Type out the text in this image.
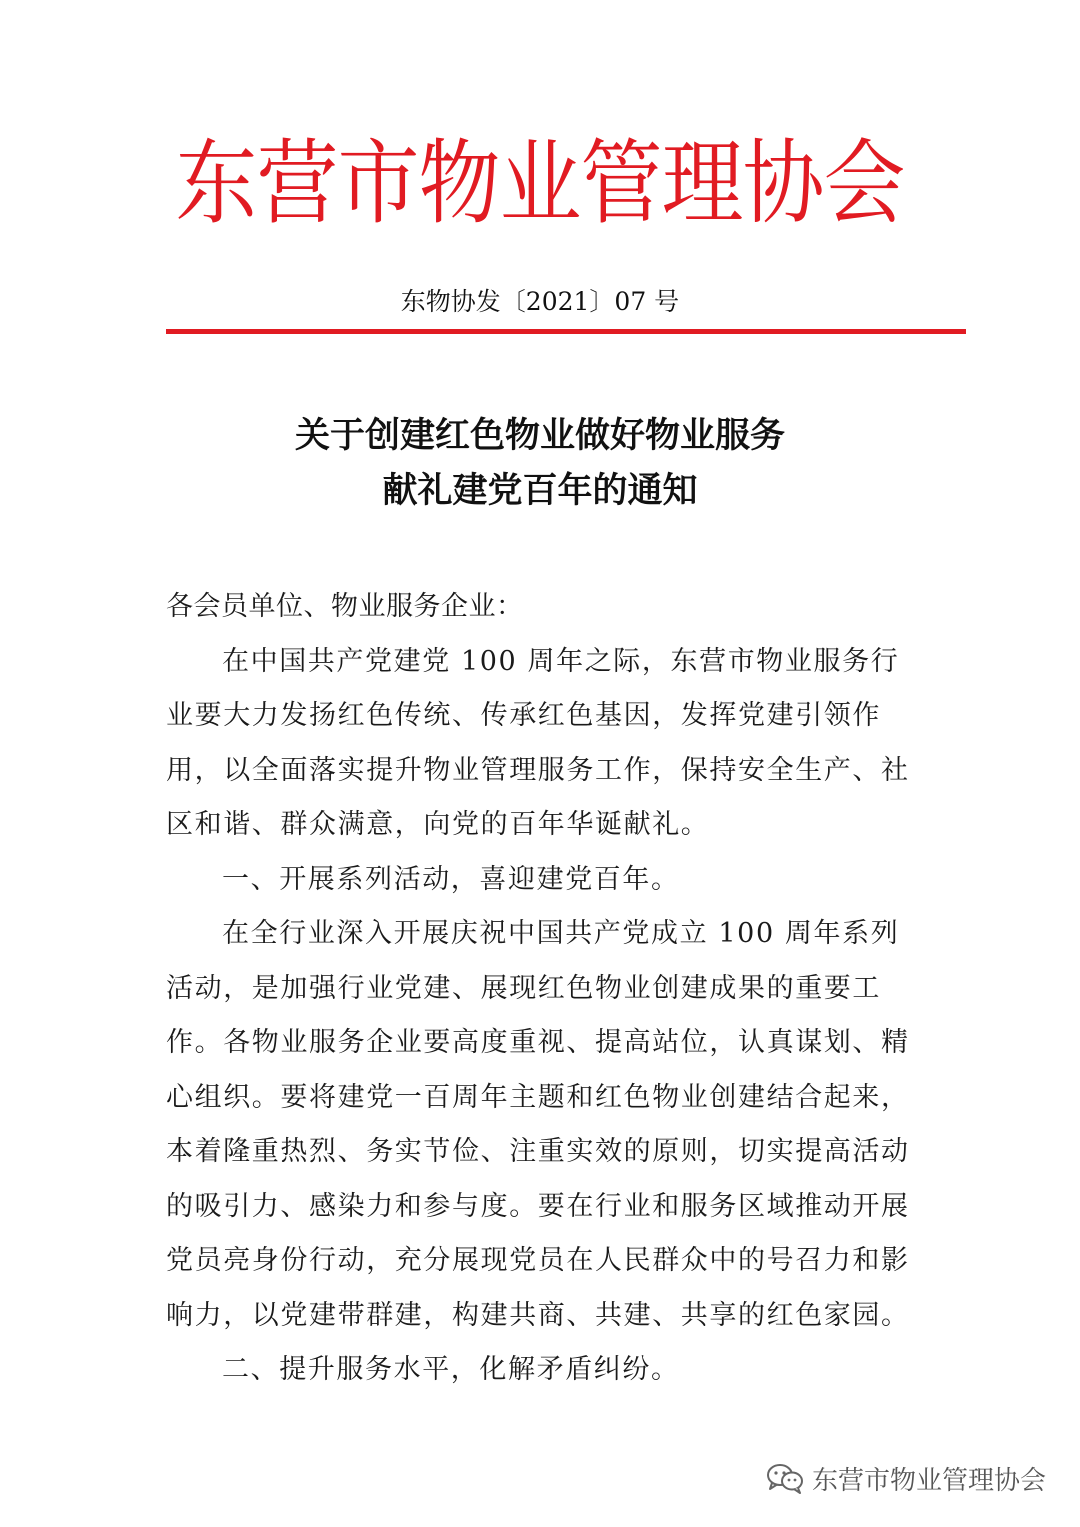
东营市物业管理协会
东物协发〔2021〕07 号
关于创建红色物业做好物业服务
献礼建党百年的通知

各会员单位、物业服务企业：

在中国共产党建党 100 周年之际，东营市物业服务行业要大力发扬红色传统、传承红色基因，发挥党建引领作用，以全面落实提升物业管理服务工作，保持安全生产、社区和谐、群众满意，向党的百年华诞献礼。

一、开展系列活动，喜迎建党百年。

在全行业深入开展庆祝中国共产党成立 100 周年系列活动，是加强行业党建、展现红色物业创建成果的重要工作。各物业服务企业要高度重视、提高站位，认真谋划、精心组织。要将建党一百周年主题和红色物业创建结合起来，本着隆重热烈、务实节俭、注重实效的原则，切实提高活动的吸引力、感染力和参与度。要在行业和服务区域推动开展党员亮身份行动，充分展现党员在人民群众中的号召力和影响力，以党建带群建，构建共商、共建、共享的红色家园。

二、提升服务水平，化解矛盾纠纷。

东营市物业管理协会
